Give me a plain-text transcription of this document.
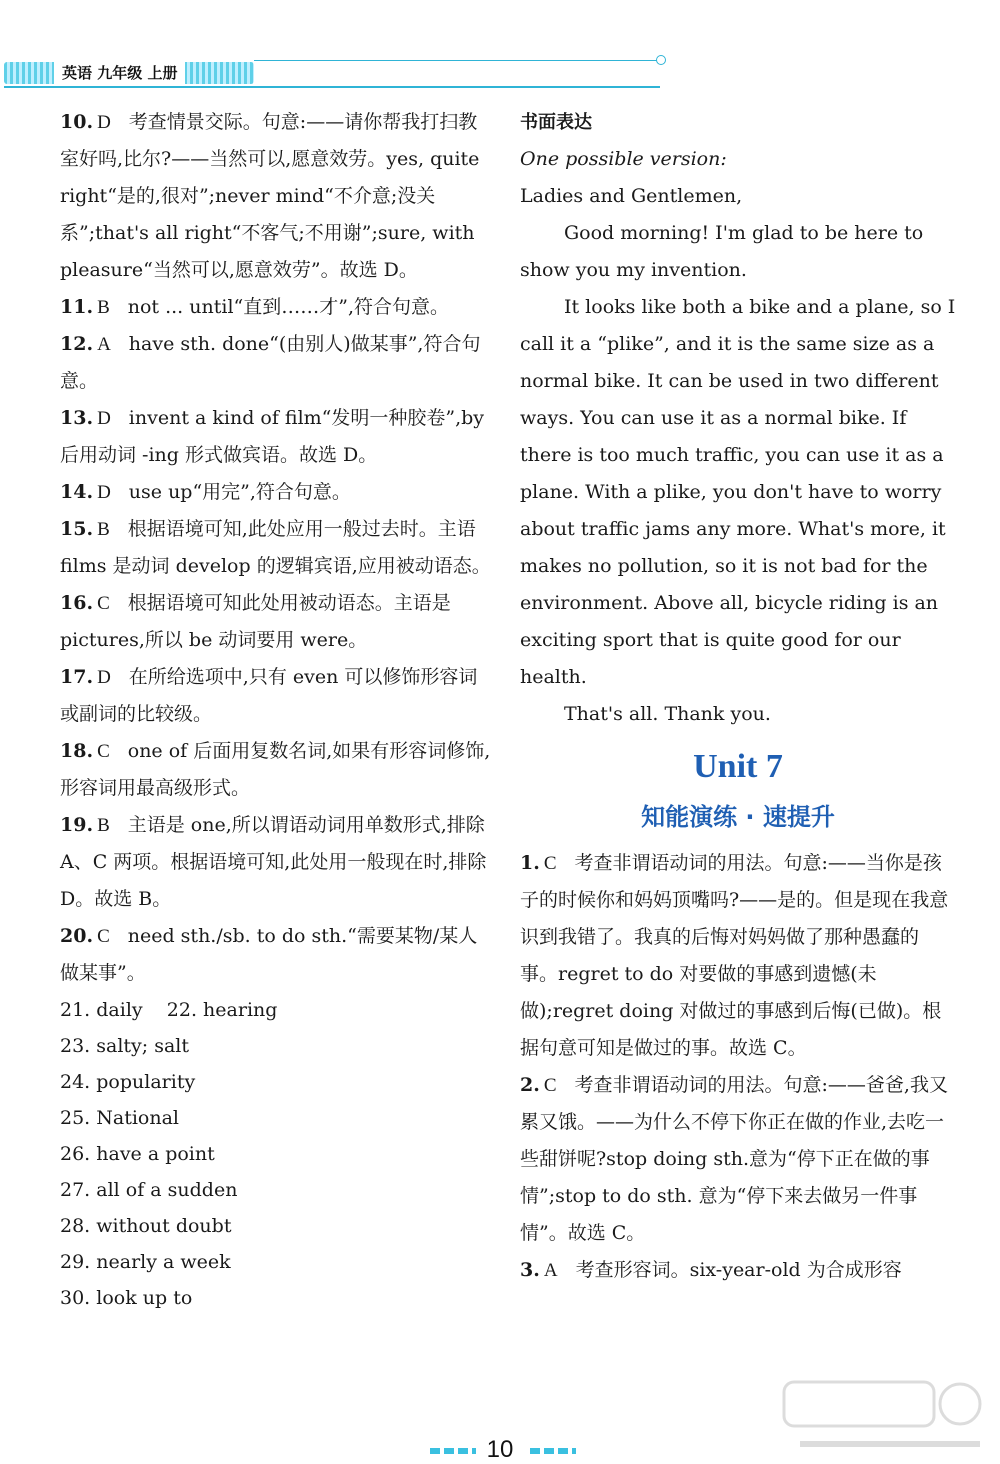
英语 九年级 上册

10. D 考查情景交际。句意:——请你帮我打扫教室好吗,比尔?——当然可以,愿意效劳。yes, quite right“是的,很对”;never mind“不介意;没关系”;that's all right“不客气;不用谢”;sure, with pleasure“当然可以,愿意效劳”。故选 D。

11. B not ... until“直到……才”,符合句意。

12. A have sth. done“(由别人)做某事”,符合句意。

13. D invent a kind of film“发明一种胶卷”,by 后用动词 -ing 形式做宾语。故选 D。

14. D use up“用完”,符合句意。

15. B 根据语境可知,此处应用一般过去时。主语 films 是动词 develop 的逻辑宾语,应用被动语态。

16. C 根据语境可知此处用被动语态。主语是 pictures,所以 be 动词要用 were。

17. D 在所给选项中,只有 even 可以修饰形容词或副词的比较级。

18. C one of 后面用复数名词,如果有形容词修饰,形容词用最高级形式。

19. B 主语是 one,所以谓语动词用单数形式,排除 A、C 两项。根据语境可知,此处用一般现在时,排除 D。故选 B。

20. C need sth./sb. to do sth.“需要某物/某人做某事”。

21. daily    22. hearing
23. salty; salt
24. popularity
25. National
26. have a point
27. all of a sudden
28. without doubt
29. nearly a week
30. look up to

书面表达

One possible version:

Ladies and Gentlemen,

Good morning! I'm glad to be here to show you my invention.

It looks like both a bike and a plane, so I call it a “plike”, and it is the same size as a normal bike. It can be used in two different ways. You can use it as a normal bike. If there is too much traffic, you can use it as a plane. With a plike, you don't have to worry about traffic jams any more. What's more, it makes no pollution, so it is not bad for the environment. Above all, bicycle riding is an exciting sport that is quite good for our health.

That's all. Thank you.

Unit 7
知能演练 · 速提升

1. C 考查非谓语动词的用法。句意:——当你是孩子的时候你和妈妈顶嘴吗?——是的。但是现在我意识到我错了。我真的后悔对妈妈做了那种愚蠢的事。regret to do 对要做的事感到遗憾(未做);regret doing 对做过的事感到后悔(已做)。根据句意可知是做过的事。故选 C。

2. C 考查非谓语动词的用法。句意:——爸爸,我又累又饿。——为什么不停下你正在做的作业,去吃一些甜饼呢?stop doing sth.意为“停下正在做的事情”;stop to do sth. 意为“停下来去做另一件事情”。故选 C。

3. A 考查形容词。six-year-old 为合成形容

10
